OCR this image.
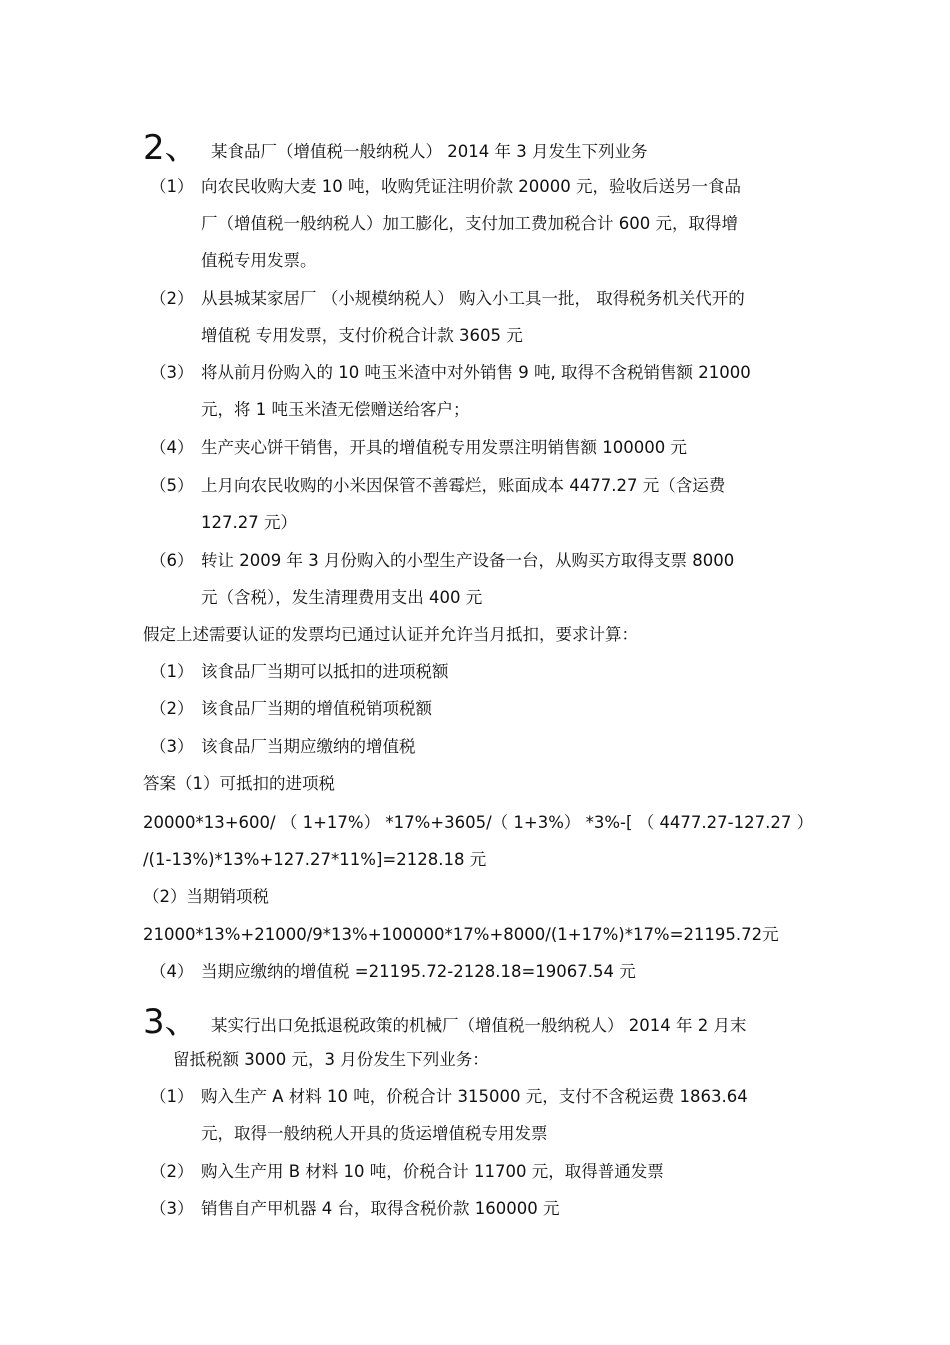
2、 某食品厂（增值税一般纳税人） 2014 年 3 月发生下列业务
（1） 向农民收购大麦 10 吨，收购凭证注明价款 20000 元，验收后送另一食品
厂（增值税一般纳税人）加工膨化，支付加工费加税合计 600 元，取得增
值税专用发票。
（2） 从县城某家居厂 （小规模纳税人） 购入小工具一批， 取得税务机关代开的
增值税 专用发票，支付价税合计款 3605 元
（3） 将从前月份购入的 10 吨玉米渣中对外销售 9 吨, 取得不含税销售额 21000
元，将 1 吨玉米渣无偿赠送给客户；
（4） 生产夹心饼干销售，开具的增值税专用发票注明销售额 100000 元
（5） 上月向农民收购的小米因保管不善霉烂，账面成本 4477.27 元（含运费
127.27 元）
（6） 转让 2009 年 3 月份购入的小型生产设备一台，从购买方取得支票 8000
元（含税），发生清理费用支出 400 元
假定上述需要认证的发票均已通过认证并允许当月抵扣，要求计算：
（1） 该食品厂当期可以抵扣的进项税额
（2） 该食品厂当期的增值税销项税额
（3） 该食品厂当期应缴纳的增值税
答案（1）可抵扣的进项税
20000*13+600/ （ 1+17%） *17%+3605/（ 1+3%） *3%-[ （ 4477.27-127.27 ）
/(1-13%)*13%+127.27*11%]=2128.18 元
（2）当期销项税
21000*13%+21000/9*13%+100000*17%+8000/(1+17%)*17%=21195.72元
（4） 当期应缴纳的增值税 =21195.72-2128.18=19067.54 元
3、 某实行出口免抵退税政策的机械厂（增值税一般纳税人） 2014 年 2 月末
留抵税额 3000 元，3 月份发生下列业务：
（1） 购入生产 A 材料 10 吨，价税合计 315000 元，支付不含税运费 1863.64
元，取得一般纳税人开具的货运增值税专用发票
（2） 购入生产用 B 材料 10 吨，价税合计 11700 元，取得普通发票
（3） 销售自产甲机器 4 台，取得含税价款 160000 元
